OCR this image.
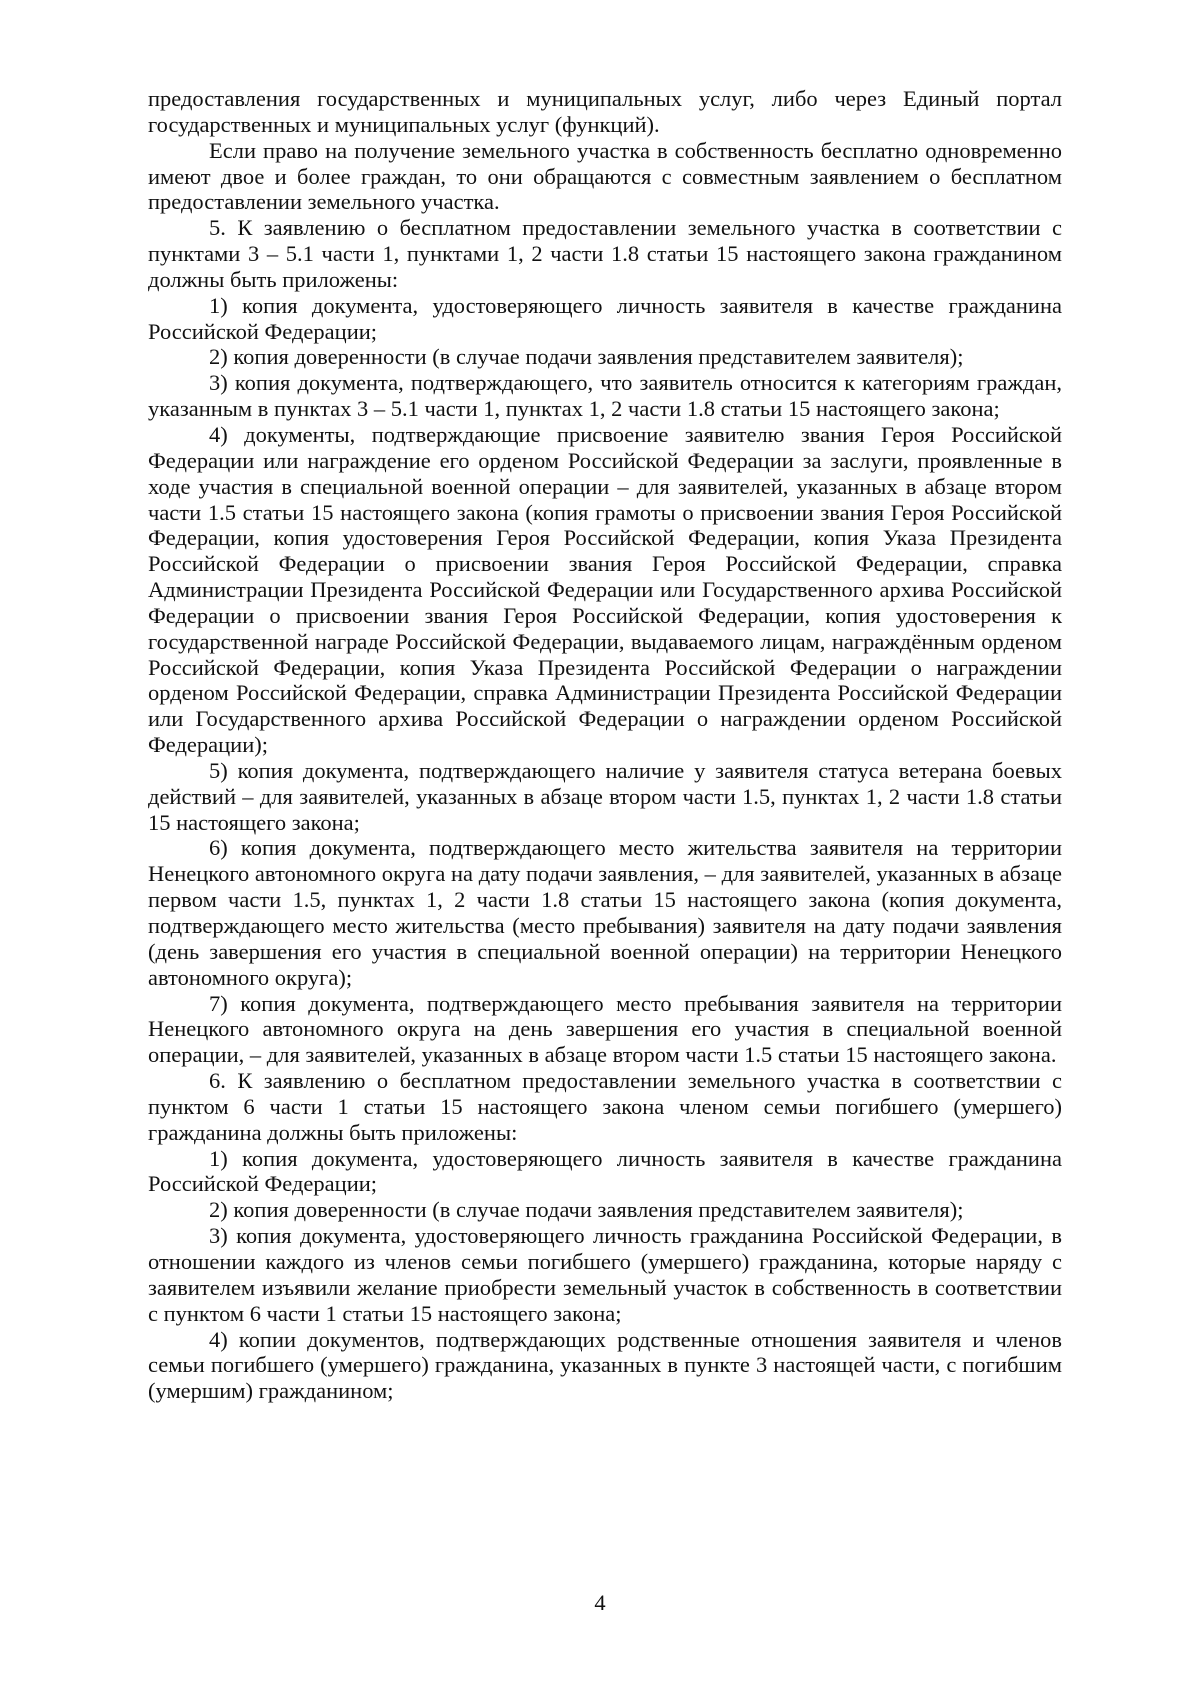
предоставления государственных и муниципальных услуг, либо через Единый портал государственных и муниципальных услуг (функций).

Если право на получение земельного участка в собственность бесплатно одновременно имеют двое и более граждан, то они обращаются с совместным заявлением о бесплатном предоставлении земельного участка.

5. К заявлению о бесплатном предоставлении земельного участка в соответствии с пунктами 3 – 5.1 части 1, пунктами 1, 2 части 1.8 статьи 15 настоящего закона гражданином должны быть приложены:

1) копия документа, удостоверяющего личность заявителя в качестве гражданина Российской Федерации;

2) копия доверенности (в случае подачи заявления представителем заявителя);

3) копия документа, подтверждающего, что заявитель относится к категориям граждан, указанным в пунктах 3 – 5.1 части 1, пунктах 1, 2 части 1.8 статьи 15 настоящего закона;

4) документы, подтверждающие присвоение заявителю звания Героя Российской Федерации или награждение его орденом Российской Федерации за заслуги, проявленные в ходе участия в специальной военной операции – для заявителей, указанных в абзаце втором части 1.5 статьи 15 настоящего закона (копия грамоты о присвоении звания Героя Российской Федерации, копия удостоверения Героя Российской Федерации, копия Указа Президента Российской Федерации о присвоении звания Героя Российской Федерации, справка Администрации Президента Российской Федерации или Государственного архива Российской Федерации о присвоении звания Героя Российской Федерации, копия удостоверения к государственной награде Российской Федерации, выдаваемого лицам, награждённым орденом Российской Федерации, копия Указа Президента Российской Федерации о награждении орденом Российской Федерации, справка Администрации Президента Российской Федерации или Государственного архива Российской Федерации о награждении орденом Российской Федерации);

5) копия документа, подтверждающего наличие у заявителя статуса ветерана боевых действий – для заявителей, указанных в абзаце втором части 1.5, пунктах 1, 2 части 1.8 статьи 15 настоящего закона;

6) копия документа, подтверждающего место жительства заявителя на территории Ненецкого автономного округа на дату подачи заявления, – для заявителей, указанных в абзаце первом части 1.5, пунктах 1, 2 части 1.8 статьи 15 настоящего закона (копия документа, подтверждающего место жительства (место пребывания) заявителя на дату подачи заявления (день завершения его участия в специальной военной операции) на территории Ненецкого автономного округа);

7) копия документа, подтверждающего место пребывания заявителя на территории Ненецкого автономного округа на день завершения его участия в специальной военной операции, – для заявителей, указанных в абзаце втором части 1.5 статьи 15 настоящего закона.

6. К заявлению о бесплатном предоставлении земельного участка в соответствии с пунктом 6 части 1 статьи 15 настоящего закона членом семьи погибшего (умершего) гражданина должны быть приложены:

1) копия документа, удостоверяющего личность заявителя в качестве гражданина Российской Федерации;

2) копия доверенности (в случае подачи заявления представителем заявителя);

3) копия документа, удостоверяющего личность гражданина Российской Федерации, в отношении каждого из членов семьи погибшего (умершего) гражданина, которые наряду с заявителем изъявили желание приобрести земельный участок в собственность в соответствии с пунктом 6 части 1 статьи 15 настоящего закона;

4) копии документов, подтверждающих родственные отношения заявителя и членов семьи погибшего (умершего) гражданина, указанных в пункте 3 настоящей части, с погибшим (умершим) гражданином;

4
